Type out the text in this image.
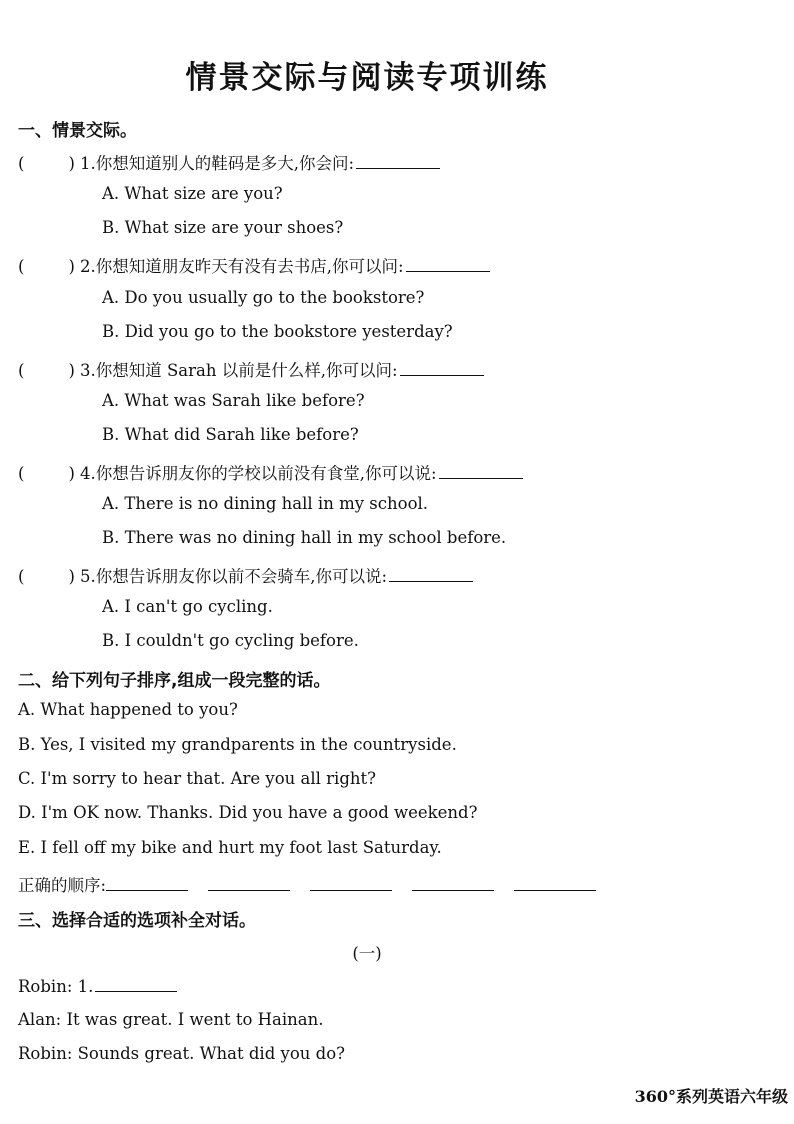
情景交际与阅读专项训练
一、情景交际。
(	) 1.你想知道别人的鞋码是多大,你会问:
A. What size are you?
B. What size are your shoes?
(	) 2.你想知道朋友昨天有没有去书店,你可以问:
A. Do you usually go to the bookstore?
B. Did you go to the bookstore yesterday?
(	) 3.你想知道 Sarah 以前是什么样,你可以问:
A. What was Sarah like before?
B. What did Sarah like before?
(	) 4.你想告诉朋友你的学校以前没有食堂,你可以说:
A. There is no dining hall in my school.
B. There was no dining hall in my school before.
(	) 5.你想告诉朋友你以前不会骑车,你可以说:
A. I can't go cycling.
B. I couldn't go cycling before.
二、给下列句子排序,组成一段完整的话。
A. What happened to you?
B. Yes, I visited my grandparents in the countryside.
C. I'm sorry to hear that. Are you all right?
D. I'm OK now. Thanks. Did you have a good weekend?
E. I fell off my bike and hurt my foot last Saturday.
正确的顺序:
三、选择合适的选项补全对话。
(一)
Robin: 1.
Alan: It was great. I went to Hainan.
Robin: Sounds great. What did you do?
360°系列英语六年级
